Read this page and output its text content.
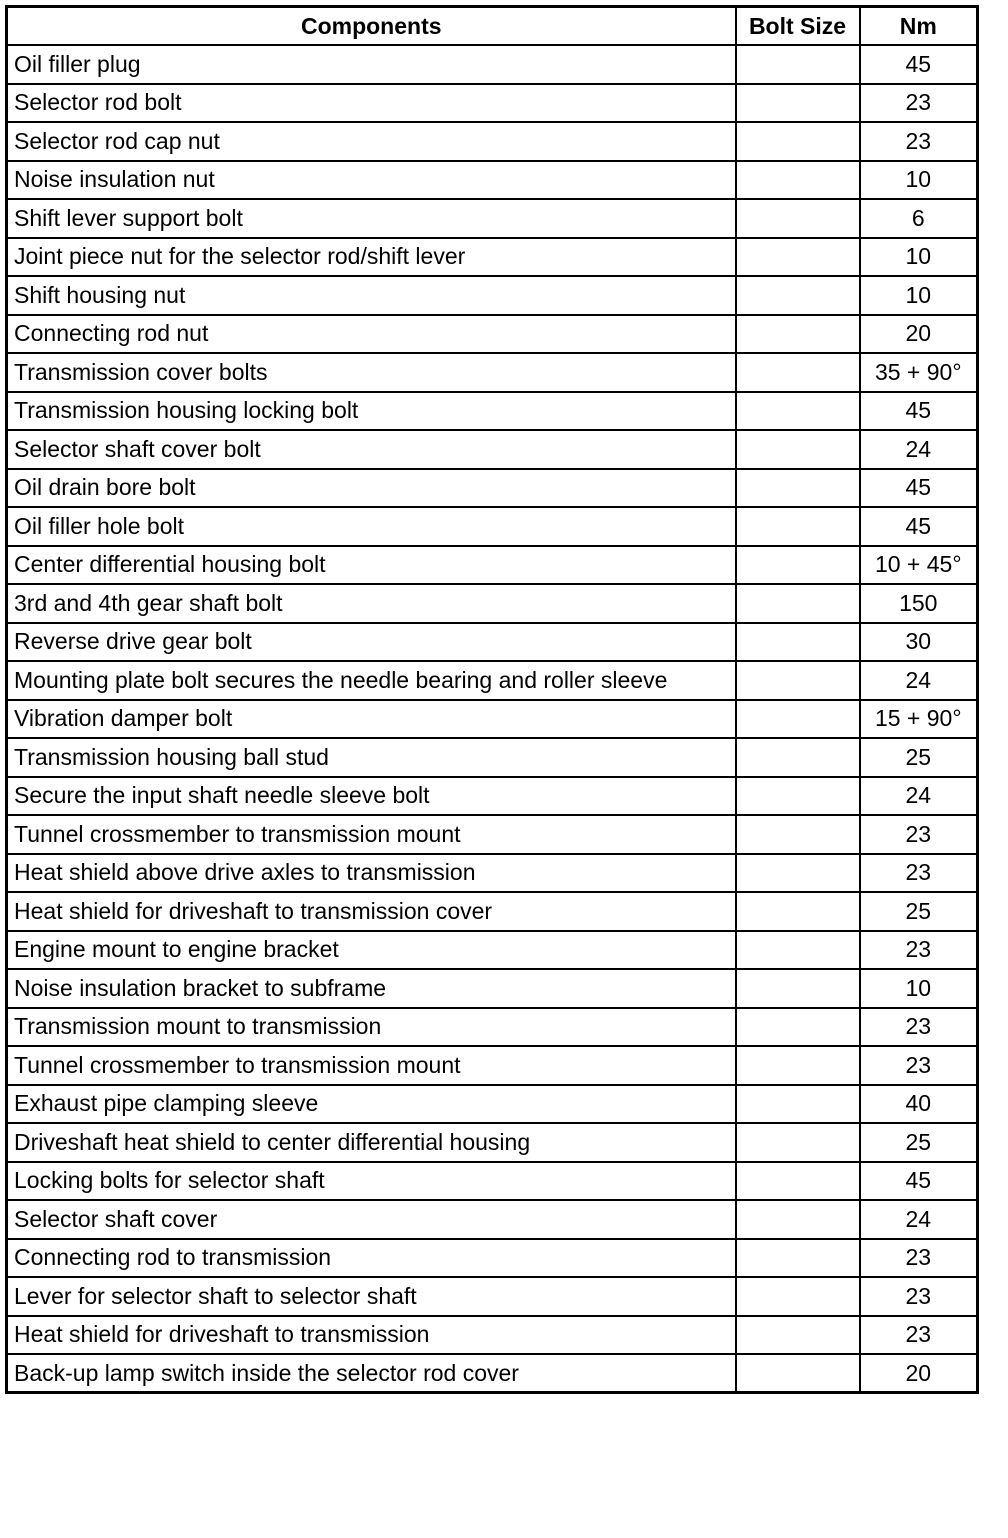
Components	Bolt Size	Nm
Oil filler plug		45
Selector rod bolt		23
Selector rod cap nut		23
Noise insulation nut		10
Shift lever support bolt		6
Joint piece nut for the selector rod/shift lever		10
Shift housing nut		10
Connecting rod nut		20
Transmission cover bolts		35 + 90°
Transmission housing locking bolt		45
Selector shaft cover bolt		24
Oil drain bore bolt		45
Oil filler hole bolt		45
Center differential housing bolt		10 + 45°
3rd and 4th gear shaft bolt		150
Reverse drive gear bolt		30
Mounting plate bolt secures the needle bearing and roller sleeve		24
Vibration damper bolt		15 + 90°
Transmission housing ball stud		25
Secure the input shaft needle sleeve bolt		24
Tunnel crossmember to transmission mount		23
Heat shield above drive axles to transmission		23
Heat shield for driveshaft to transmission cover		25
Engine mount to engine bracket		23
Noise insulation bracket to subframe		10
Transmission mount to transmission		23
Tunnel crossmember to transmission mount		23
Exhaust pipe clamping sleeve		40
Driveshaft heat shield to center differential housing		25
Locking bolts for selector shaft		45
Selector shaft cover		24
Connecting rod to transmission		23
Lever for selector shaft to selector shaft		23
Heat shield for driveshaft to transmission		23
Back-up lamp switch inside the selector rod cover		20
